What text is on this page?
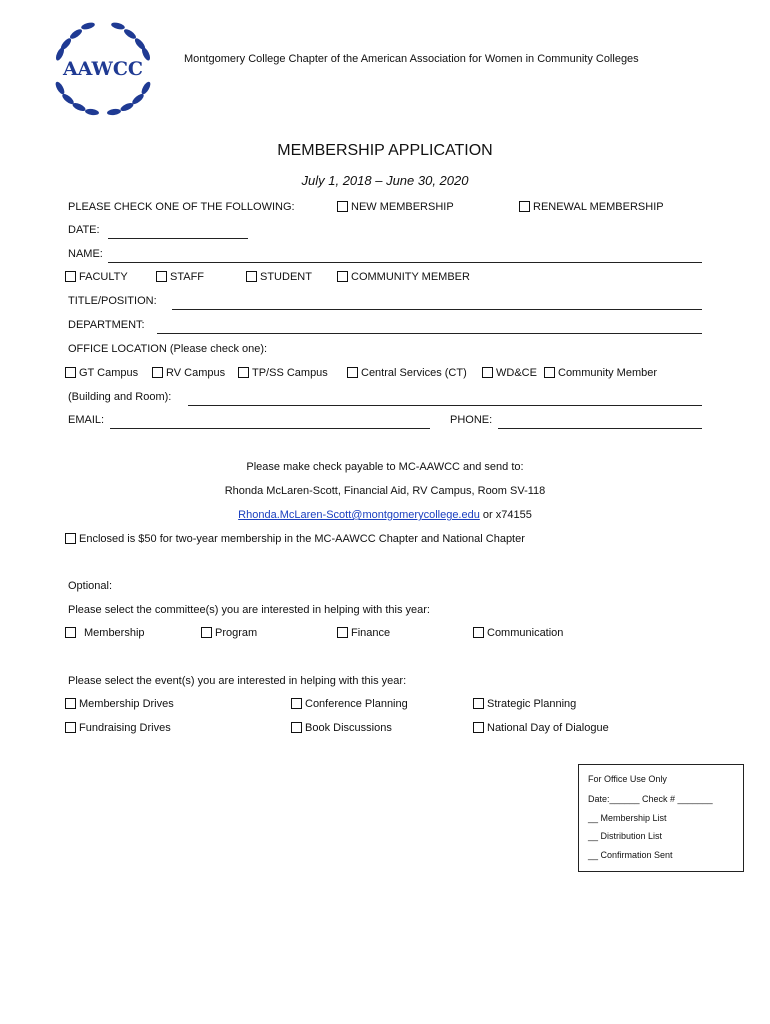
AAWCC	Montgomery College Chapter of the American Association for Women in Community Colleges
MEMBERSHIP APPLICATION
July 1, 2018 – June 30, 2020
PLEASE CHECK ONE OF THE FOLLOWING:	NEW MEMBERSHIP	RENEWAL MEMBERSHIP
DATE:
NAME:
FACULTY	STAFF	STUDENT	COMMUNITY MEMBER
TITLE/POSITION:
DEPARTMENT:
OFFICE LOCATION (Please check one):
GT Campus	RV Campus	TP/SS Campus	Central Services (CT)	WD&CE	Community Member
(Building and Room):
EMAIL:	PHONE:
Please make check payable to MC-AAWCC and send to:
Rhonda McLaren-Scott, Financial Aid, RV Campus, Room SV-118
Rhonda.McLaren-Scott@montgomerycollege.edu or x74155
Enclosed is $50 for two-year membership in the MC-AAWCC Chapter and National Chapter
Optional:
Please select the committee(s) you are interested in helping with this year:
Membership	Program	Finance	Communication
Please select the event(s) you are interested in helping with this year:
Membership Drives	Conference Planning	Strategic Planning
Fundraising Drives	Book Discussions	National Day of Dialogue
For Office Use Only
Date:______ Check # _______
__ Membership List
__ Distribution List
__ Confirmation Sent
